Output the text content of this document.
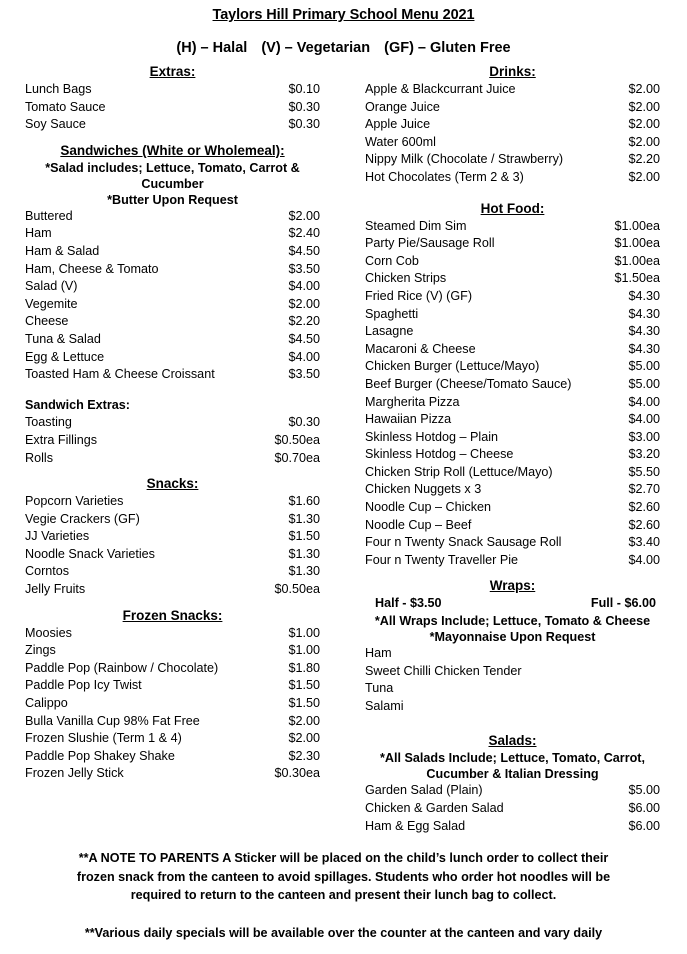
Taylors Hill Primary School Menu 2021
(H) – Halal (V) – Vegetarian (GF) – Gluten Free
Extras:
Lunch Bags	$0.10
Tomato Sauce	$0.30
Soy Sauce	$0.30
Sandwiches (White or Wholemeal):
*Salad includes; Lettuce, Tomato, Carrot & Cucumber
*Butter Upon Request
Buttered	$2.00
Ham	$2.40
Ham & Salad	$4.50
Ham, Cheese & Tomato	$3.50
Salad (V)	$4.00
Vegemite	$2.00
Cheese	$2.20
Tuna & Salad	$4.50
Egg & Lettuce	$4.00
Toasted Ham & Cheese Croissant	$3.50
Sandwich Extras:
Toasting	$0.30
Extra Fillings	$0.50ea
Rolls	$0.70ea
Snacks:
Popcorn Varieties	$1.60
Vegie Crackers (GF)	$1.30
JJ Varieties	$1.50
Noodle Snack Varieties	$1.30
Corntos	$1.30
Jelly Fruits	$0.50ea
Frozen Snacks:
Moosies	$1.00
Zings	$1.00
Paddle Pop (Rainbow / Chocolate)	$1.80
Paddle Pop Icy Twist	$1.50
Calippo	$1.50
Bulla Vanilla Cup 98% Fat Free	$2.00
Frozen Slushie (Term 1 & 4)	$2.00
Paddle Pop Shakey Shake	$2.30
Frozen Jelly Stick	$0.30ea
Drinks:
Apple & Blackcurrant Juice	$2.00
Orange Juice	$2.00
Apple Juice	$2.00
Water 600ml	$2.00
Nippy Milk (Chocolate / Strawberry)	$2.20
Hot Chocolates (Term 2 & 3)	$2.00
Hot Food:
Steamed Dim Sim	$1.00ea
Party Pie/Sausage Roll	$1.00ea
Corn Cob	$1.00ea
Chicken Strips	$1.50ea
Fried Rice (V) (GF)	$4.30
Spaghetti	$4.30
Lasagne	$4.30
Macaroni & Cheese	$4.30
Chicken Burger (Lettuce/Mayo)	$5.00
Beef Burger (Cheese/Tomato Sauce)	$5.00
Margherita Pizza	$4.00
Hawaiian Pizza	$4.00
Skinless Hotdog – Plain	$3.00
Skinless Hotdog – Cheese	$3.20
Chicken Strip Roll (Lettuce/Mayo)	$5.50
Chicken Nuggets x 3	$2.70
Noodle Cup – Chicken	$2.60
Noodle Cup – Beef	$2.60
Four n Twenty Snack Sausage Roll	$3.40
Four n Twenty Traveller Pie	$4.00
Wraps:
Half - $3.50	Full - $6.00
*All Wraps Include; Lettuce, Tomato & Cheese
*Mayonnaise Upon Request
Ham
Sweet Chilli Chicken Tender
Tuna
Salami
Salads:
*All Salads Include; Lettuce, Tomato, Carrot, Cucumber & Italian Dressing
Garden Salad (Plain)	$5.00
Chicken & Garden Salad	$6.00
Ham & Egg Salad	$6.00

**A NOTE TO PARENTS A Sticker will be placed on the child’s lunch order to collect their frozen snack from the canteen to avoid spillages. Students who order hot noodles will be required to return to the canteen and present their lunch bag to collect.

**Various daily specials will be available over the counter at the canteen and vary daily
